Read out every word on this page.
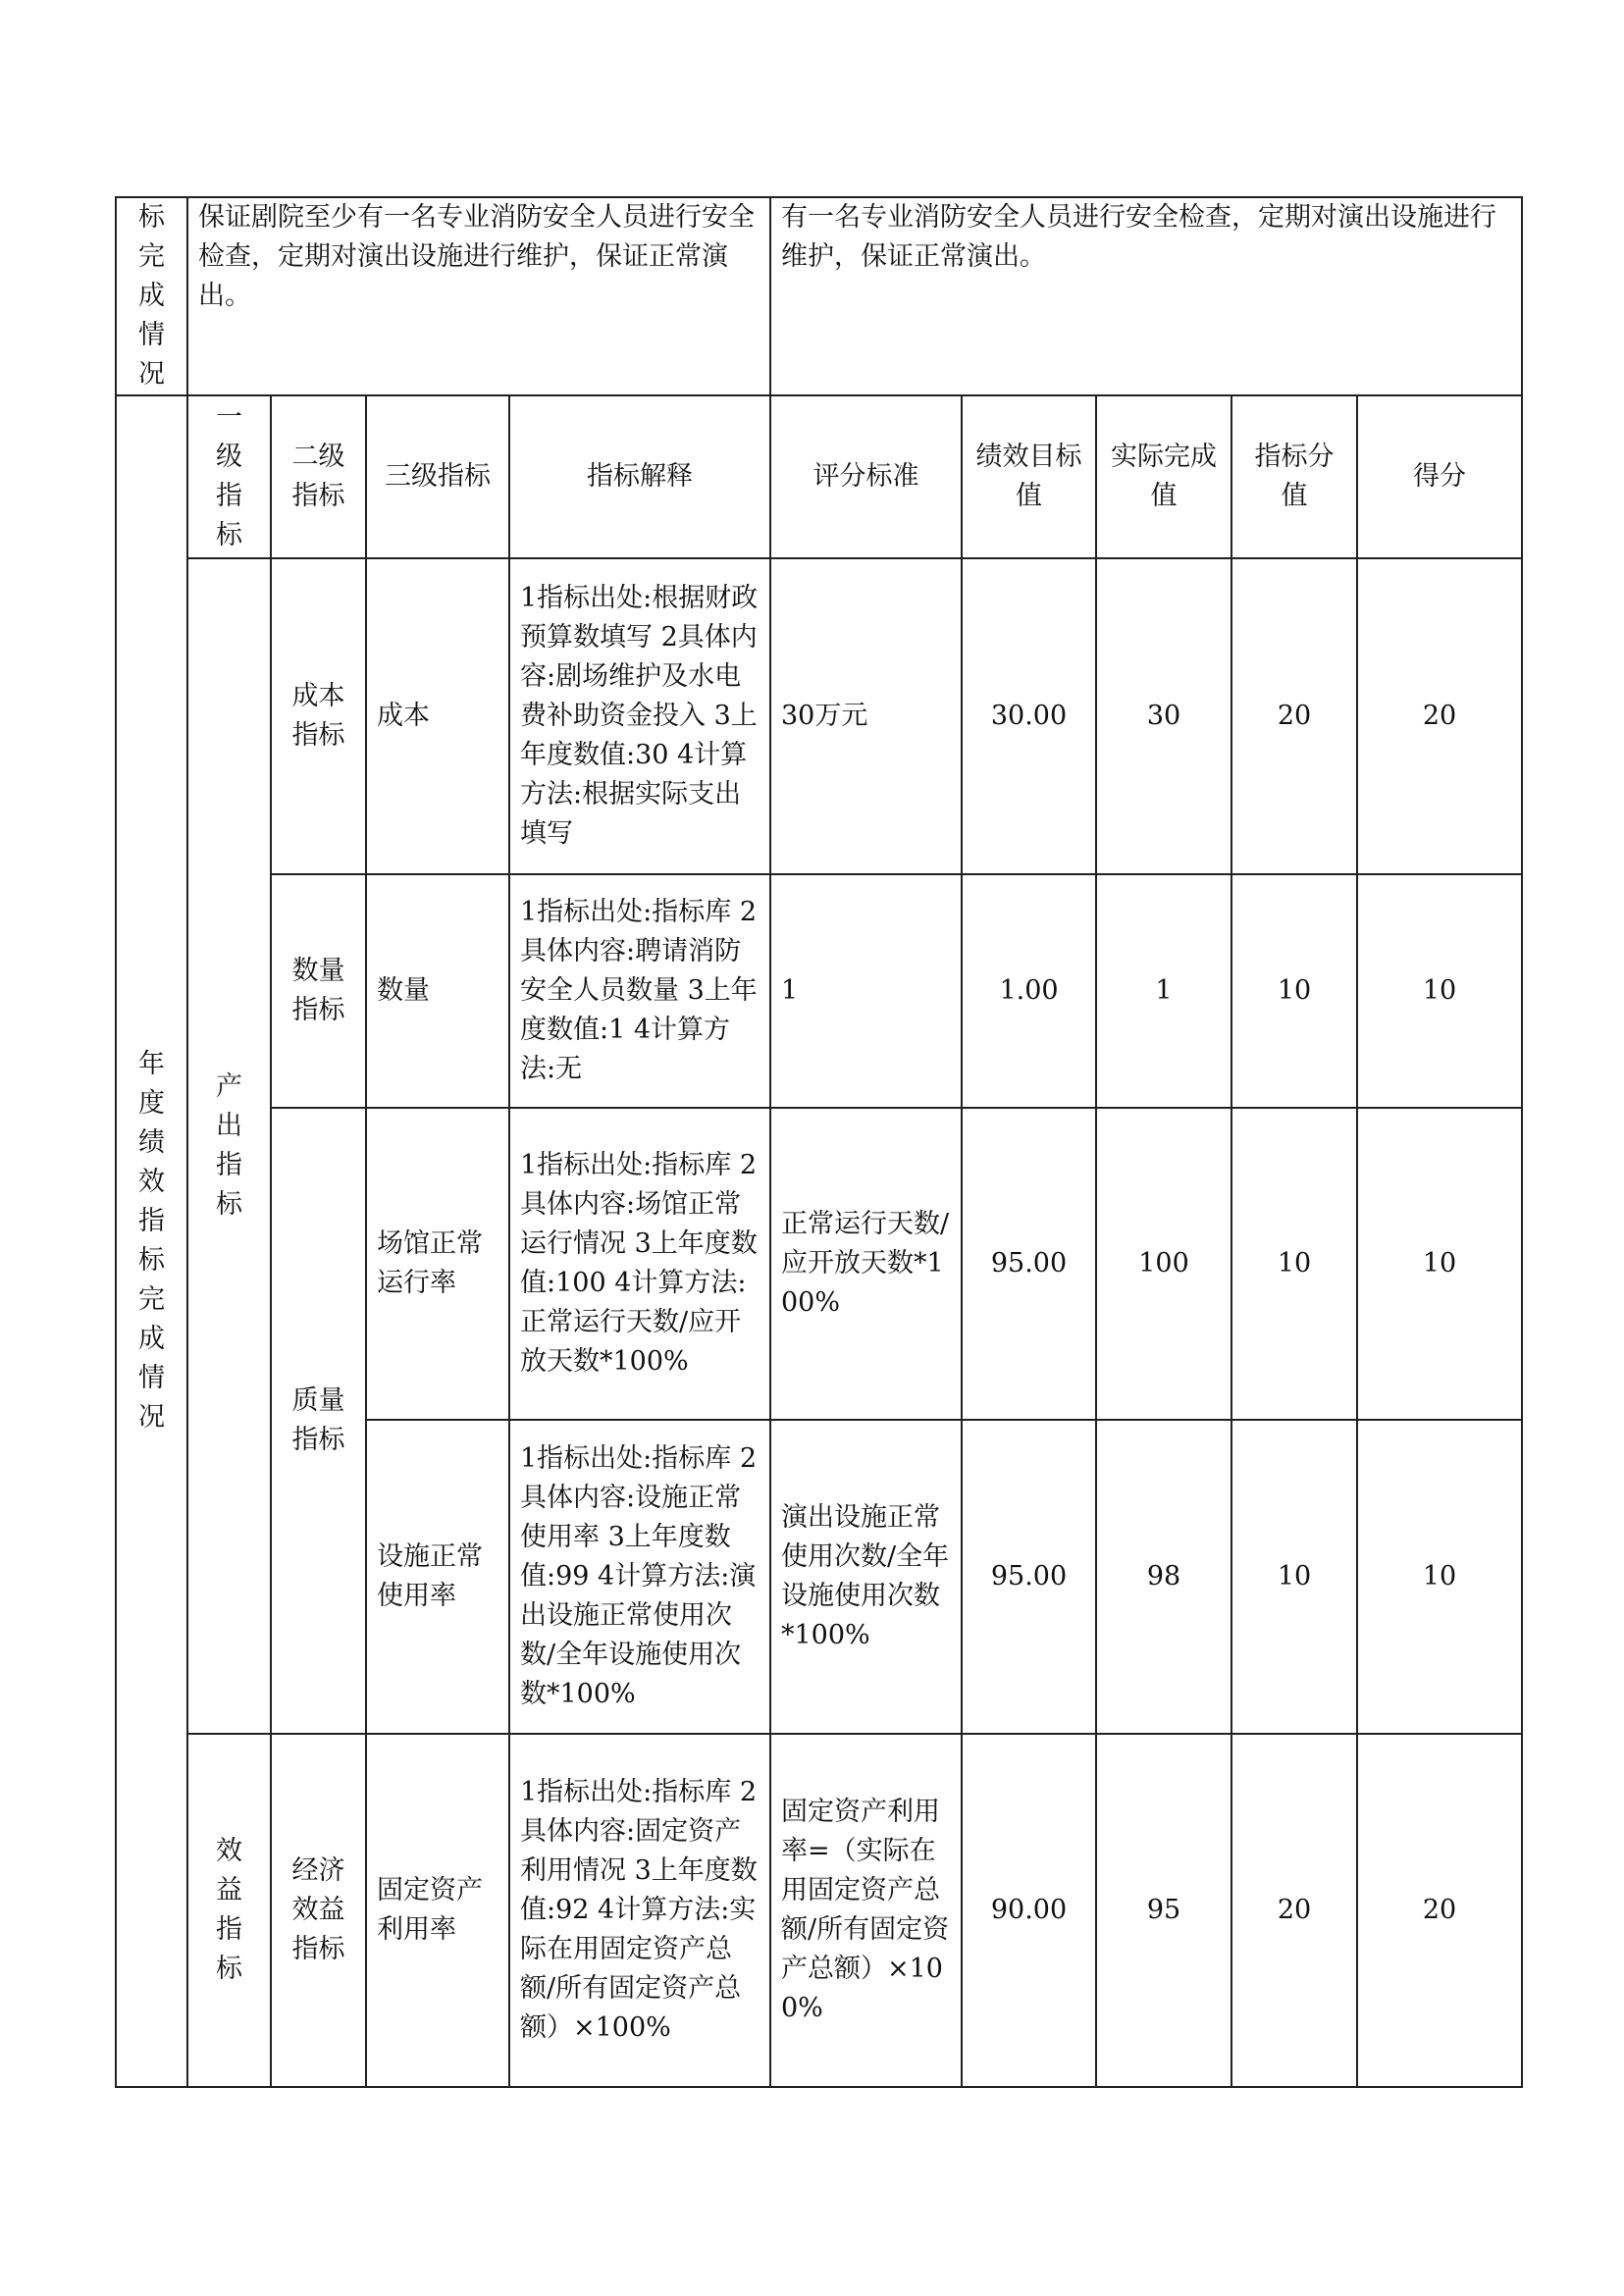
标完成情况	保证剧院至少有一名专业消防安全人员进行安全检查，定期对演出设施进行维护，保证正常演出。				有一名专业消防安全人员进行安全检查，定期对演出设施进行维护，保证正常演出。				
年度绩效指标完成情况	一级指标	二级指标	三级指标	指标解释	评分标准	绩效目标值	实际完成值	指标分值	得分
	产出指标	成本指标	成本	1指标出处:根据财政预算数填写 2具体内容:剧场维护及水电费补助资金投入 3上年度数值:30 4计算方法:根据实际支出填写	30万元	30.00	30	20	20
		数量指标	数量	1指标出处:指标库 2具体内容:聘请消防安全人员数量 3上年度数值:1 4计算方法:无	1	1.00	1	10	10
		质量指标	场馆正常运行率	1指标出处:指标库 2具体内容:场馆正常运行情况 3上年度数值:100 4计算方法:正常运行天数/应开放天数*100%	正常运行天数/应开放天数*100%	95.00	100	10	10
			设施正常使用率	1指标出处:指标库 2具体内容:设施正常使用率 3上年度数值:99 4计算方法:演出设施正常使用次数/全年设施使用次数*100%	演出设施正常使用次数/全年设施使用次数*100%	95.00	98	10	10
	效益指标	经济效益指标	固定资产利用率	1指标出处:指标库 2具体内容:固定资产利用情况 3上年度数值:92 4计算方法:实际在用固定资产总额/所有固定资产总额）×100%	固定资产利用率=（实际在用固定资产总额/所有固定资产总额）×100%	90.00	95	20	20
